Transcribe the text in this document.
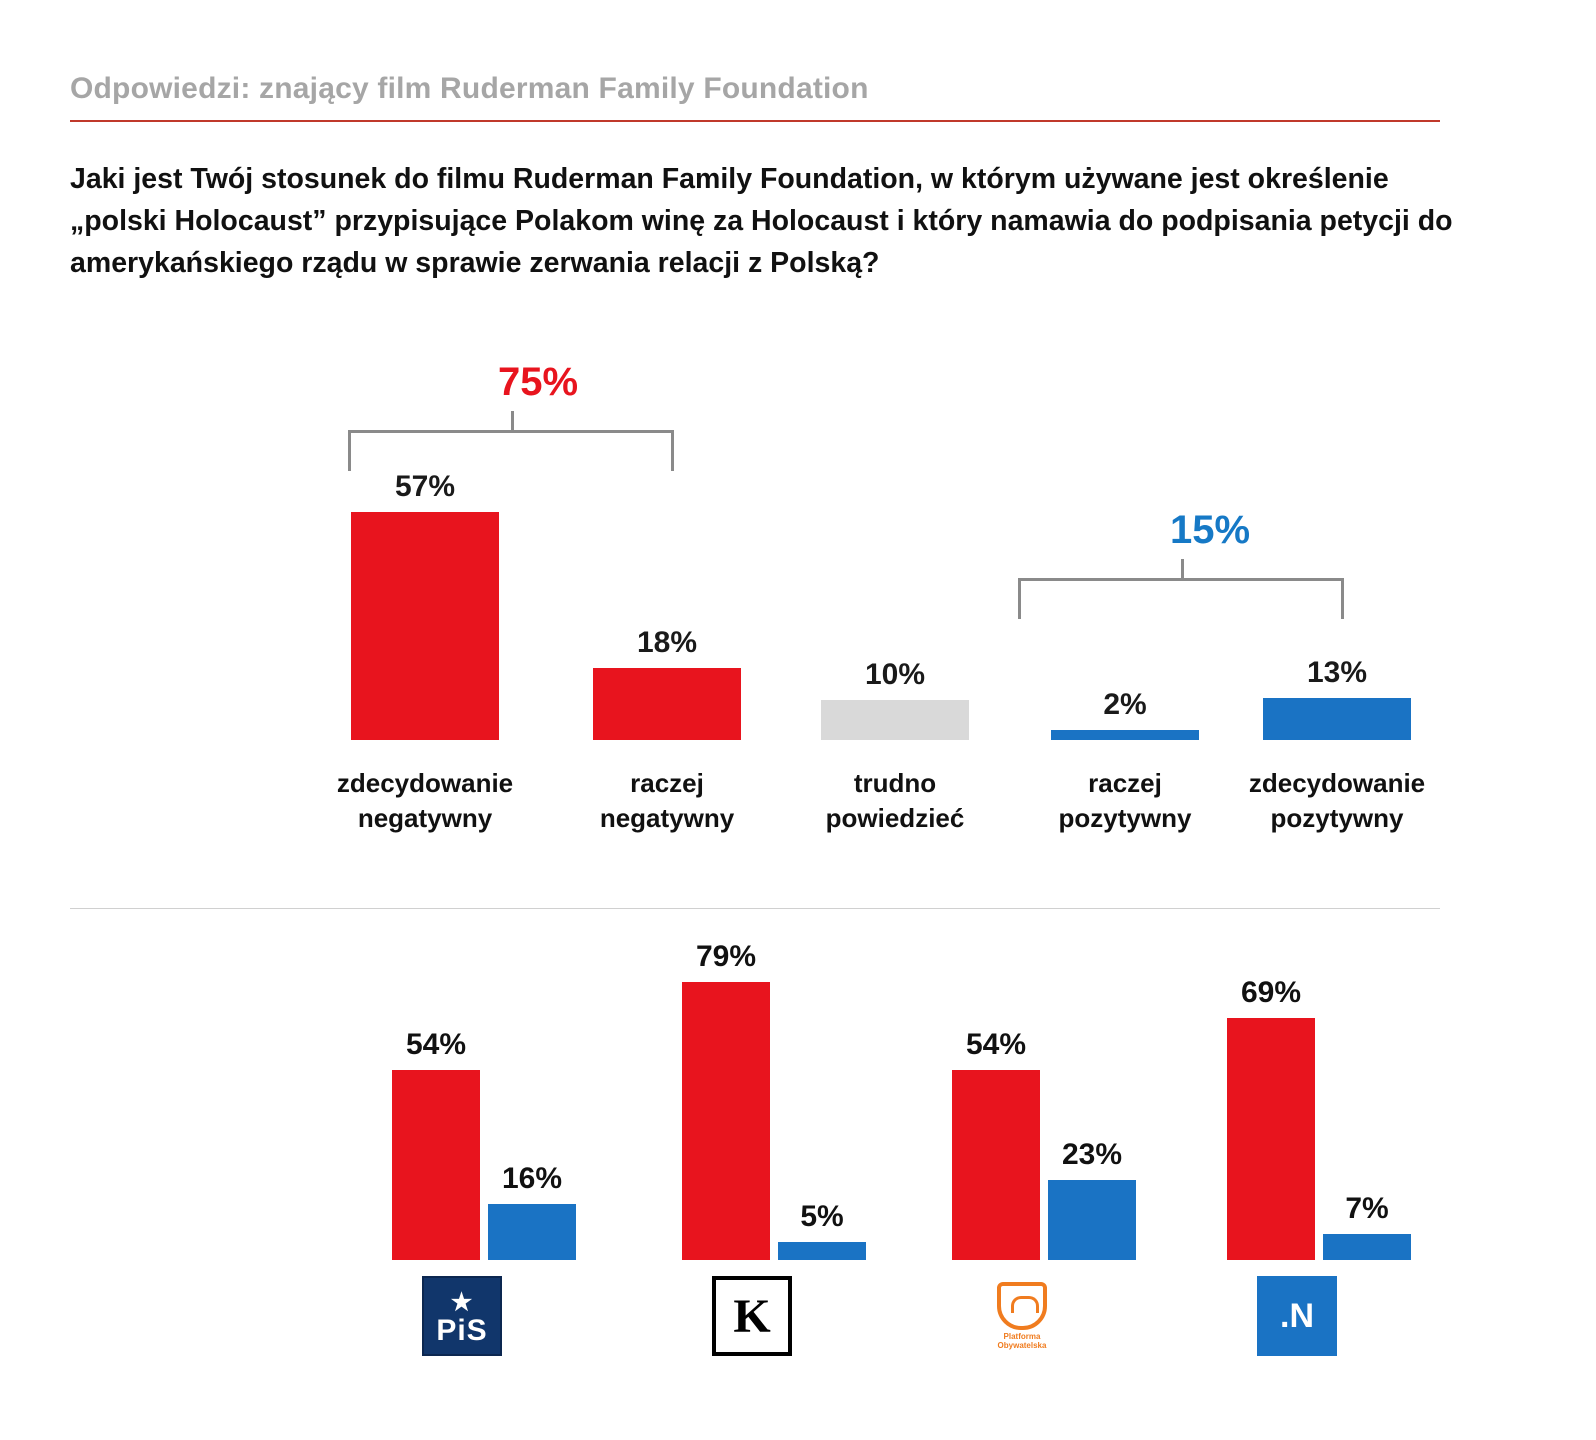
Odpowiedzi: znający film Ruderman Family Foundation
Jaki jest Twój stosunek do filmu Ruderman Family Foundation, w którym używane jest określenie „polski Holocaust” przypisujące Polakom winę za Holocaust i który namawia do podpisania petycji do amerykańskiego rządu w sprawie zerwania relacji z Polską?
75%
15%
57%
zdecydowanie
negatywny
18%
raczej
negatywny
10%
trudno
powiedzieć
2%
raczej
pozytywny
13%
zdecydowanie
pozytywny
54%
16%
★
PiS
79%
5%
K
54%
23%
Platforma
Obywatelska
69%
7%
.N
